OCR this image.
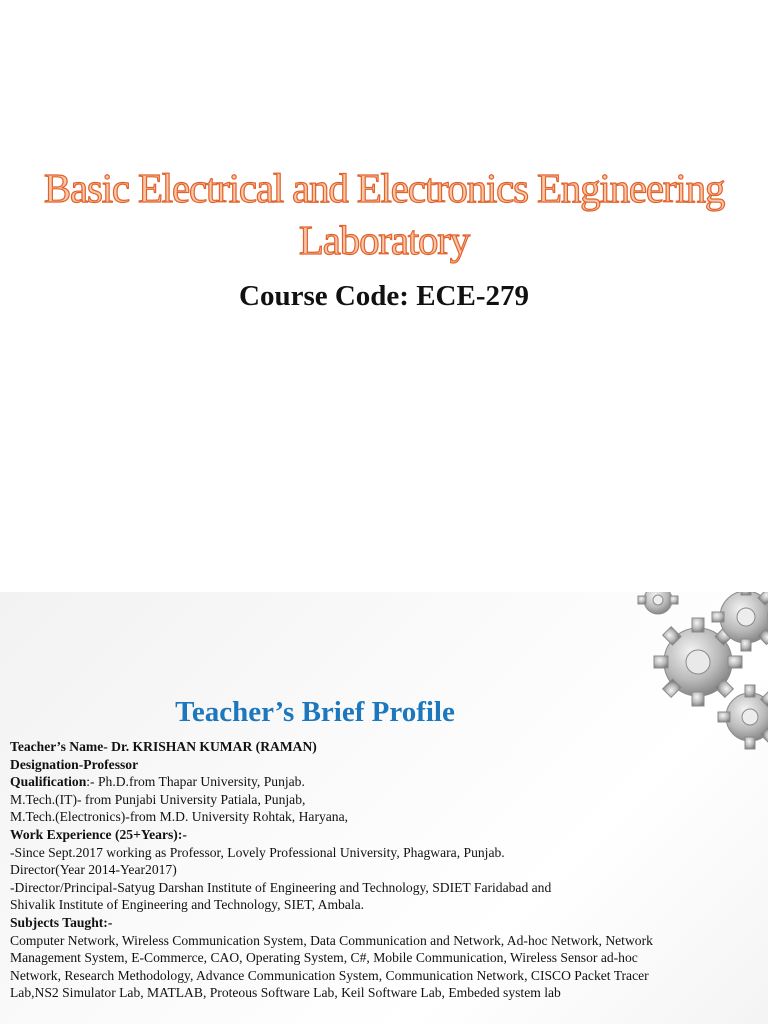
Basic Electrical and Electronics Engineering
Laboratory
Course Code: ECE-279
Teacher’s Brief Profile
Teacher’s Name- Dr. KRISHAN KUMAR (RAMAN)
Designation-Professor
Qualification:- Ph.D.from Thapar University, Punjab.
M.Tech.(IT)- from Punjabi University Patiala, Punjab,
M.Tech.(Electronics)-from M.D. University Rohtak, Haryana,
Work Experience (25+Years):-
-Since Sept.2017 working as Professor, Lovely Professional University, Phagwara, Punjab.
Director(Year 2014-Year2017)
-Director/Principal-Satyug Darshan Institute of Engineering and Technology, SDIET Faridabad and
Shivalik Institute of Engineering and Technology, SIET, Ambala.
Subjects Taught:-
Computer Network, Wireless Communication System, Data Communication and Network, Ad-hoc Network, Network
Management System, E-Commerce, CAO, Operating System, C#, Mobile Communication, Wireless Sensor ad-hoc
Network, Research Methodology, Advance Communication System, Communication Network, CISCO Packet Tracer
Lab,NS2 Simulator Lab, MATLAB, Proteous Software Lab, Keil Software Lab, Embeded system lab
